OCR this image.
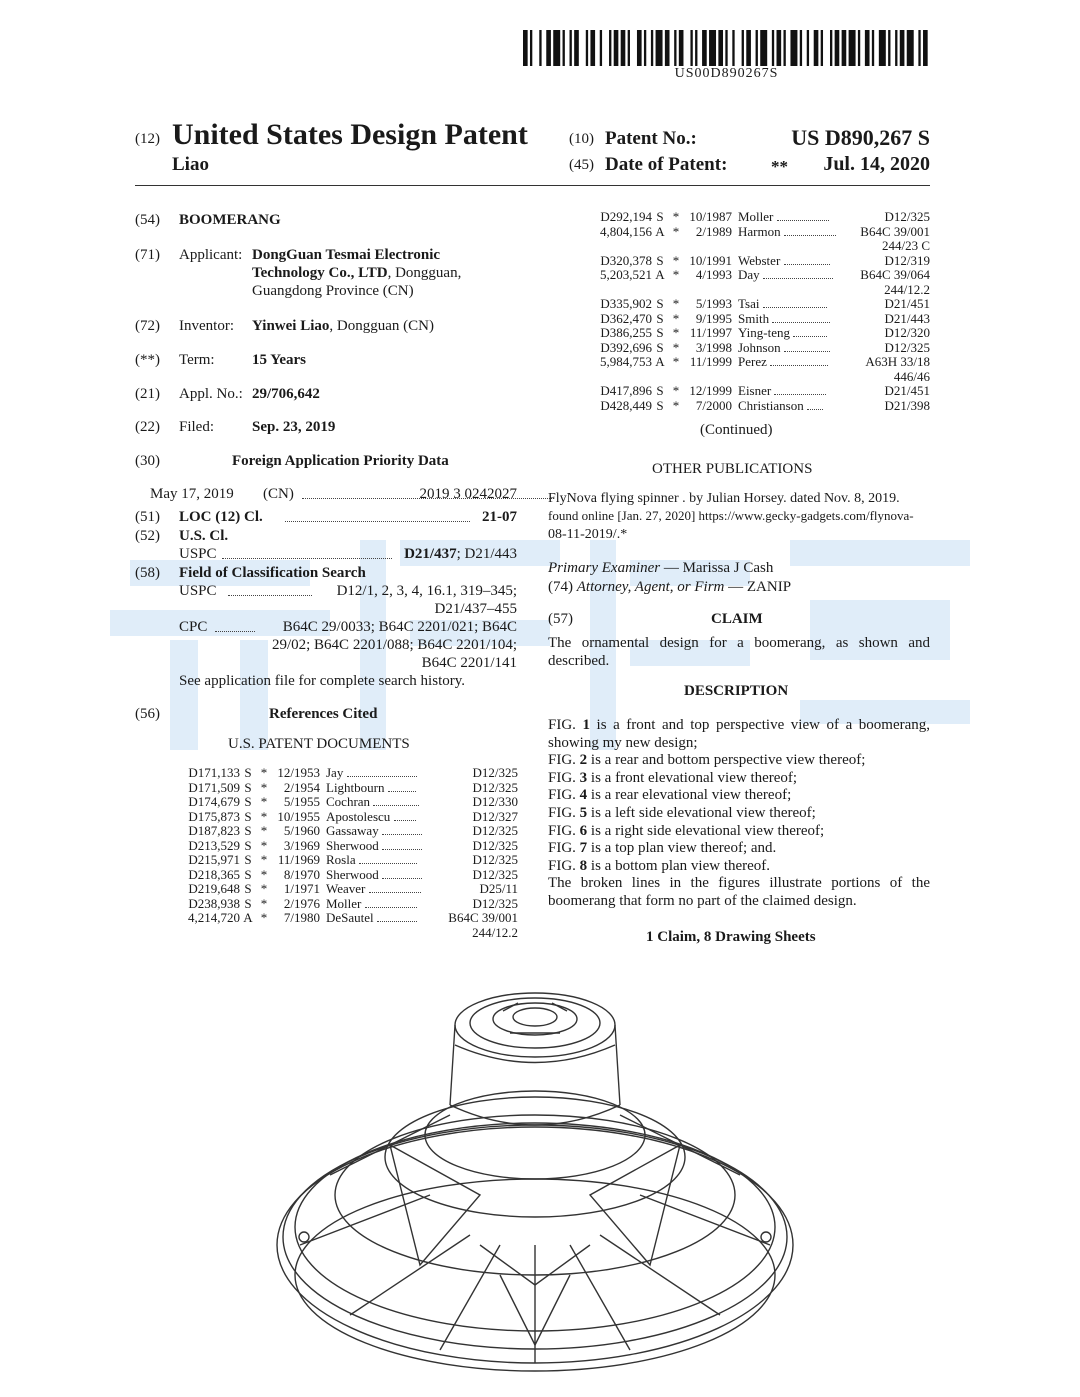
US00D890267S
(12) United States Design Patent
Liao
(10) Patent No.:	US D890,267 S
(45) Date of Patent:	** Jul. 14, 2020
(54) BOOMERANG
(71) Applicant: DongGuan Tesmai Electronic
Technology Co., LTD, Dongguan,
Guangdong Province (CN)
(72) Inventor: Yinwei Liao, Dongguan (CN)
(**) Term: 15 Years
(21) Appl. No.: 29/706,642
(22) Filed:	Sep. 23, 2019
(30)	Foreign Application Priority Data
May 17, 2019 (CN)	2019 3 0242027
(51) LOC (12) Cl.	21-07
(52) U.S. Cl.
USPC	D21/437; D21/443
(58) Field of Classification Search
USPC	D12/1, 2, 3, 4, 16.1, 319–345;
D21/437–455
CPC	B64C 29/0033; B64C 2201/021; B64C
29/02; B64C 2201/088; B64C 2201/104;
B64C 2201/141
See application file for complete search history.
(56)	References Cited
U.S. PATENT DOCUMENTS
D171,133	S	*	12/1953	Jay	D12/325
D171,509	S	*	2/1954	Lightbourn	D12/325
D174,679	S	*	5/1955	Cochran	D12/330
D175,873	S	*	10/1955	Apostolescu	D12/327
D187,823	S	*	5/1960	Gassaway	D12/325
D213,529	S	*	3/1969	Sherwood	D12/325
D215,971	S	*	11/1969	Rosla	D12/325
D218,365	S	*	8/1970	Sherwood	D12/325
D219,648	S	*	1/1971	Weaver	D25/11
D238,938	S	*	2/1976	Moller	D12/325
4,214,720	A	*	7/1980	DeSautel	B64C 39/001
244/12.2					
D292,194	S	*	10/1987	Moller	D12/325
4,804,156	A	*	2/1989	Harmon	B64C 39/001
244/23 C					
D320,378	S	*	10/1991	Webster	D12/319
5,203,521	A	*	4/1993	Day	B64C 39/064
244/12.2					
D335,902	S	*	5/1993	Tsai	D21/451
D362,470	S	*	9/1995	Smith	D21/443
D386,255	S	*	11/1997	Ying-teng	D12/320
D392,696	S	*	3/1998	Johnson	D12/325
5,984,753	A	*	11/1999	Perez	A63H 33/18
446/46					
D417,896	S	*	12/1999	Eisner	D21/451
D428,449	S	*	7/2000	Christianson	D21/398
(Continued)
OTHER PUBLICATIONS
FlyNova flying spinner . by Julian Horsey. dated Nov. 8, 2019.
found online [Jan. 27, 2020] https://www.gecky-gadgets.com/flynova-
08-11-2019/.*
Primary Examiner — Marissa J Cash
(74) Attorney, Agent, or Firm — ZANIP
(57)	CLAIM
The ornamental design for a boomerang, as shown and
described.
DESCRIPTION
FIG. 1 is a front and top perspective view of a boomerang,
showing my new design;
FIG. 2 is a rear and bottom perspective view thereof;
FIG. 3 is a front elevational view thereof;
FIG. 4 is a rear elevational view thereof;
FIG. 5 is a left side elevational view thereof;
FIG. 6 is a right side elevational view thereof;
FIG. 7 is a top plan view thereof; and.
FIG. 8 is a bottom plan view thereof.
The broken lines in the figures illustrate portions of the
boomerang that form no part of the claimed design.
1 Claim, 8 Drawing Sheets
